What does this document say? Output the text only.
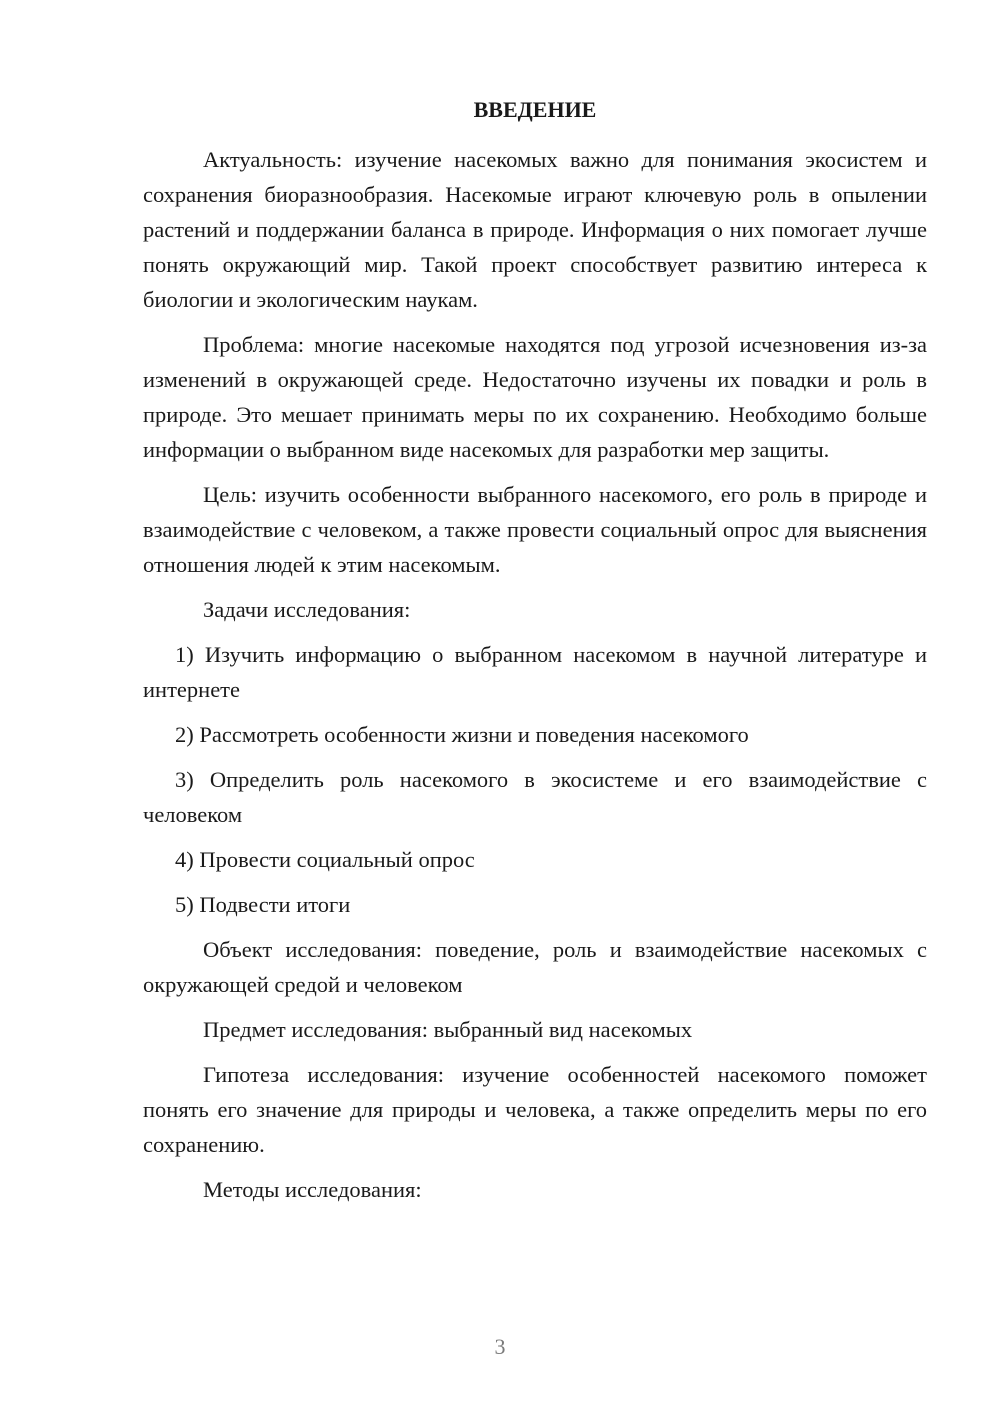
ВВЕДЕНИЕ

Актуальность: изучение насекомых важно для понимания экосистем и сохранения биоразнообразия. Насекомые играют ключевую роль в опылении растений и поддержании баланса в природе. Информация о них помогает лучше понять окружающий мир. Такой проект способствует развитию интереса к биологии и экологическим наукам.

Проблема: многие насекомые находятся под угрозой исчезновения из-за изменений в окружающей среде. Недостаточно изучены их повадки и роль в природе. Это мешает принимать меры по их сохранению. Необходимо больше информации о выбранном виде насекомых для разработки мер защиты.

Цель: изучить особенности выбранного насекомого, его роль в природе и взаимодействие с человеком, а также провести социальный опрос для выяснения отношения людей к этим насекомым.

Задачи исследования:

1) Изучить информацию о выбранном насекомом в научной литературе и интернете

2) Рассмотреть особенности жизни и поведения насекомого

3) Определить роль насекомого в экосистеме и его взаимодействие с человеком

4) Провести социальный опрос

5) Подвести итоги

Объект исследования: поведение, роль и взаимодействие насекомых с окружающей средой и человеком

Предмет исследования: выбранный вид насекомых

Гипотеза исследования: изучение особенностей насекомого поможет понять его значение для природы и человека, а также определить меры по его сохранению.

Методы исследования:

3
